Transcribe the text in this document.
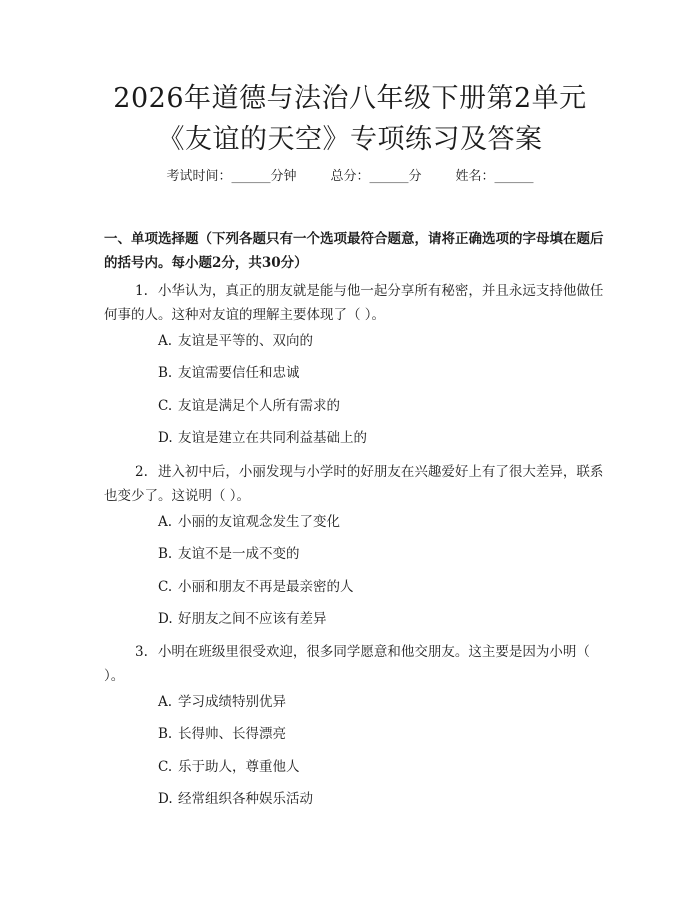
2026年道德与法治八年级下册第2单元《友谊的天空》专项练习及答案
考试时间：______分钟	总分：______分	姓名：______
一、单项选择题（下列各题只有一个选项最符合题意，请将正确选项的字母填在题后的括号内。每小题2分，共30分）
1. 小华认为，真正的朋友就是能与他一起分享所有秘密，并且永远支持他做任何事的人。这种对友谊的理解主要体现了（ ）。
A. 友谊是平等的、双向的
B. 友谊需要信任和忠诚
C. 友谊是满足个人所有需求的
D. 友谊是建立在共同利益基础上的
2. 进入初中后，小丽发现与小学时的好朋友在兴趣爱好上有了很大差异，联系也变少了。这说明（ ）。
A. 小丽的友谊观念发生了变化
B. 友谊不是一成不变的
C. 小丽和朋友不再是最亲密的人
D. 好朋友之间不应该有差异
3. 小明在班级里很受欢迎，很多同学愿意和他交朋友。这主要是因为小明（ ）。
A. 学习成绩特别优异
B. 长得帅、长得漂亮
C. 乐于助人，尊重他人
D. 经常组织各种娱乐活动
